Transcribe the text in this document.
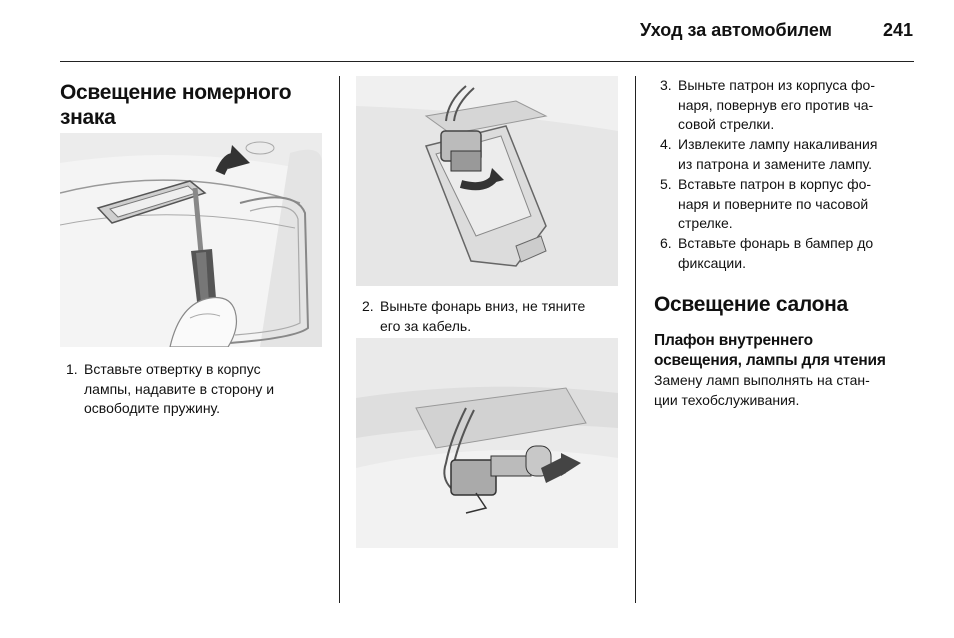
Уход за автомобилем	241
Освещение номерного
знака
1. Вставьте отвертку в корпус
лампы, надавите в сторону и
освободите пружину.
2. Выньте фонарь вниз, не тяните
его за кабель.
3. Выньте патрон из корпуса фо-
наря, повернув его против ча-
совой стрелки.
4. Извлеките лампу накаливания
из патрона и замените лампу.
5. Вставьте патрон в корпус фо-
наря и поверните по часовой
стрелке.
6. Вставьте фонарь в бампер до
фиксации.
Освещение салона
Плафон внутреннего
освещения, лампы для чтения
Замену ламп выполнять на стан-
ции техобслуживания.
